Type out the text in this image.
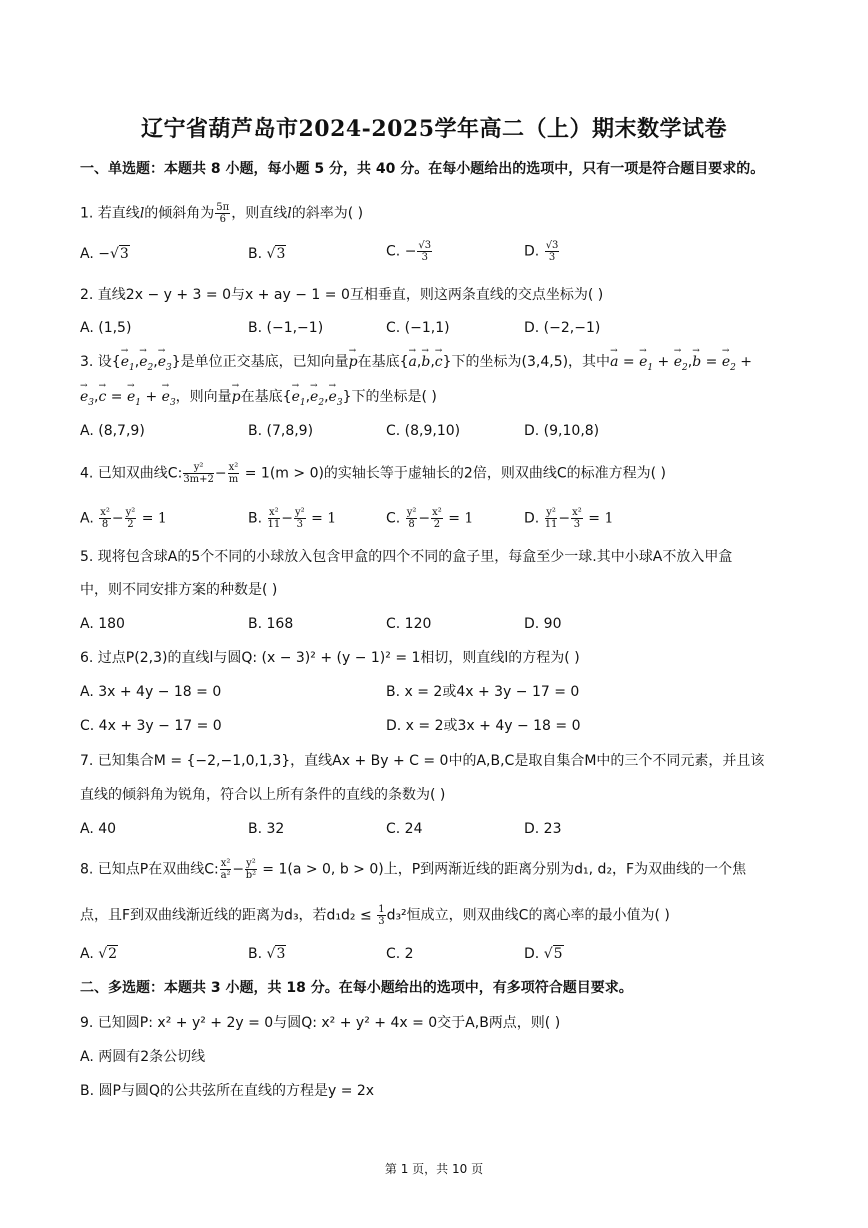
辽宁省葫芦岛市2024-2025学年高二（上）期末数学试卷
一、单选题：本题共 8 小题，每小题 5 分，共 40 分。在每小题给出的选项中，只有一项是符合题目要求的。
1. 若直线l的倾斜角为 $\frac{5\pi}{6}$ ，则直线l的斜率为( )
A. −√3	B. √3	C. − $\frac{√3}{3}$	D. $\frac{√3}{3}$
2. 直线2x − y + 3 = 0与x + ay − 1 = 0互相垂直，则这两条直线的交点坐标为( )
A. (1,5)	B. (−1,−1)	C. (−1,1)	D. (−2,−1)
3. 设{→ $e_1,\to e_2,\to e_3$}是单位正交基底，已知向量→ p在基底{→ a,→ b,→ c}下的坐标为(3,4,5)，其中→ a = → $e_1$ + → $e_2,\to b$ = → $e_2$ +
→ $e_3,\to c$ = → $e_1$ + → $e_3$，则向量→ p在基底{→ $e_1,\to e_2,\to e_3$}下的坐标是( )
A. (8,7,9)	B. (7,8,9)	C. (8,9,10)	D. (9,10,8)
4. 已知双曲线C: $\frac{\text{y²}}{3m+2} - \frac{\text{x²}}{m} = 1(m > 0)$的实轴长等于虚轴长的2倍，则双曲线C的标准方程为( )
A. $\frac{\text{x²}}{8} - \frac{\text{y²}}{2} = 1$	B. $\frac{\text{x²}}{11} - \frac{\text{y²}}{3} = 1$	C. $\frac{\text{y²}}{8} - \frac{\text{x²}}{2} = 1$	D. $\frac{\text{y²}}{11} - \frac{\text{x²}}{3} = 1$
5. 现将包含球A的5个不同的小球放入包含甲盒的四个不同的盒子里，每盒至少一球.其中小球A不放入甲盒
中，则不同安排方案的种数是( )
A. 180	B. 168	C. 120	D. 90
6. 过点P(2,3)的直线l与圆Q: (x − 3)² + (y − 1)² = 1相切，则直线l的方程为( )
A. 3x + 4y − 18 = 0	B. x = 2或4x + 3y − 17 = 0
C. 4x + 3y − 17 = 0	D. x = 2或3x + 4y − 18 = 0
7. 已知集合M = {−2,−1,0,1,3}，直线Ax + By + C = 0中的A,B,C是取自集合M中的三个不同元素，并且该
直线的倾斜角为锐角，符合以上所有条件的直线的条数为( )
A. 40	B. 32	C. 24	D. 23
8. 已知点P在双曲线C: $\frac{\text{x²}}{\text{a²}} - \frac{\text{y²}}{\text{b²}} = 1(a > 0$, b > 0)上，P到两渐近线的距离分别为d₁, d₂，F为双曲线的一个焦
点，且F到双曲线渐近线的距离为d₃，若$d_1d_2 \le \frac{1}{3} d_3^2$恒成立，则双曲线C的离心率的最小值为( )
A. √2	B. √3	C. 2	D. √5
二、多选题：本题共 3 小题，共 18 分。在每小题给出的选项中，有多项符合题目要求。
9. 已知圆P: x² + y² + 2y = 0与圆Q: x² + y² + 4x = 0交于A,B两点，则( )
A. 两圆有2条公切线
B. 圆P与圆Q的公共弦所在直线的方程是y = 2x
第 1 页，共 10 页
